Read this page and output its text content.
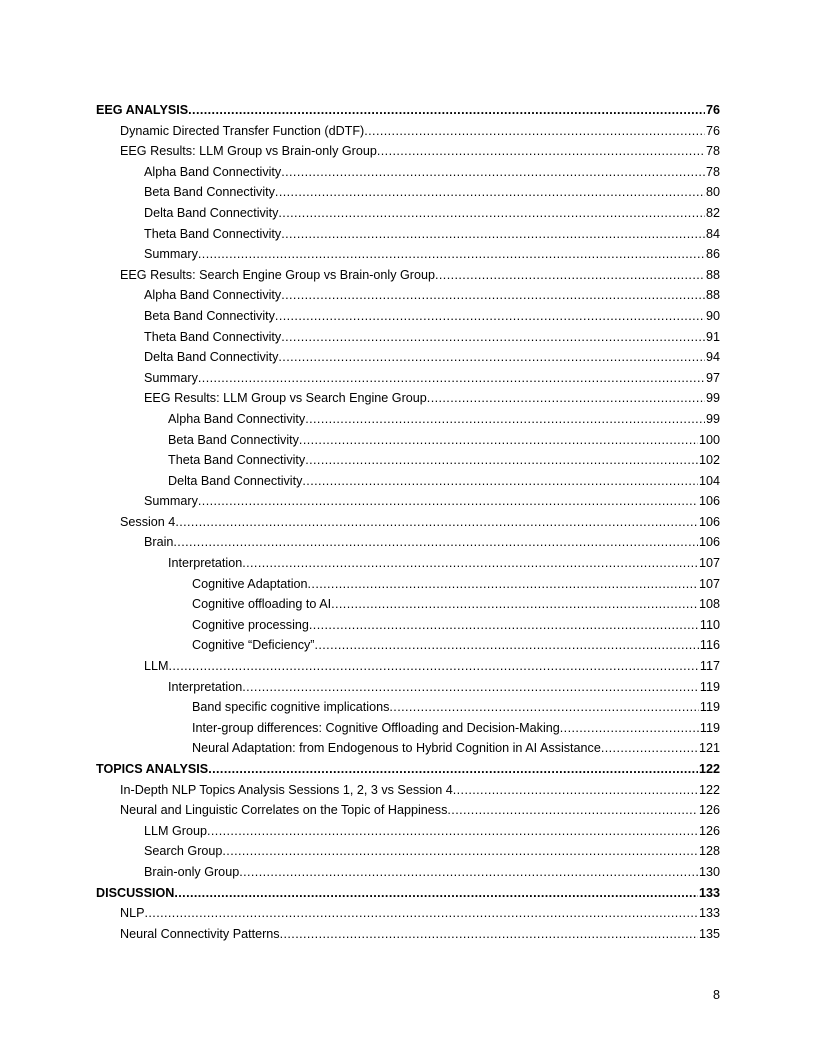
EEG ANALYSIS .....	76
Dynamic Directed Transfer Function (dDTF) .....	76
EEG Results: LLM Group vs Brain-only Group .....	78
Alpha Band Connectivity .....	78
Beta Band Connectivity .....	80
Delta Band Connectivity .....	82
Theta Band Connectivity .....	84
Summary .....	86
EEG Results: Search Engine Group vs Brain-only Group .....	88
Alpha Band Connectivity .....	88
Beta Band Connectivity .....	90
Theta Band Connectivity .....	91
Delta Band Connectivity .....	94
Summary .....	97
EEG Results: LLM Group vs Search Engine Group .....	99
Alpha Band Connectivity .....	99
Beta Band Connectivity .....	100
Theta Band Connectivity .....	102
Delta Band Connectivity .....	104
Summary .....	106
Session 4 .....	106
Brain .....	106
Interpretation .....	107
Cognitive Adaptation .....	107
Cognitive offloading to AI .....	108
Cognitive processing .....	110
Cognitive “Deficiency” .....	116
LLM .....	117
Interpretation .....	119
Band specific cognitive implications .....	119
Inter-group differences: Cognitive Offloading and Decision-Making .....	119
Neural Adaptation: from Endogenous to Hybrid Cognition in AI Assistance .....	121
TOPICS ANALYSIS .....	122
In-Depth NLP Topics Analysis Sessions 1, 2, 3 vs Session 4 .....	122
Neural and Linguistic Correlates on the Topic of Happiness .....	126
LLM Group .....	126
Search Group .....	128
Brain-only Group .....	130
DISCUSSION .....	133
NLP .....	133
Neural Connectivity Patterns .....	135
8
